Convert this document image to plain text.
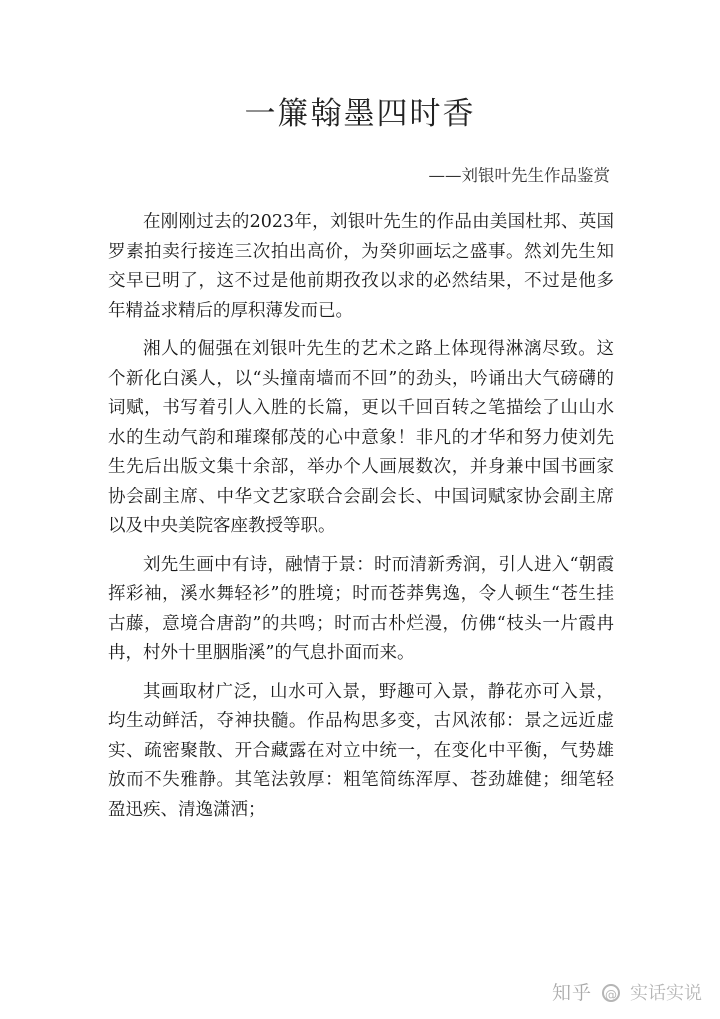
一簾翰墨四时香
——刘银叶先生作品鉴赏

在刚刚过去的2023年，刘银叶先生的作品由美国杜邦、英国罗素拍卖行接连三次拍出高价，为癸卯画坛之盛事。然刘先生知交早已明了，这不过是他前期孜孜以求的必然结果，不过是他多年精益求精后的厚积薄发而已。

湘人的倔强在刘银叶先生的艺术之路上体现得淋漓尽致。这个新化白溪人，以“头撞南墙而不回”的劲头，吟诵出大气磅礴的词赋，书写着引人入胜的长篇，更以千回百转之笔描绘了山山水水的生动气韵和璀璨郁茂的心中意象！非凡的才华和努力使刘先生先后出版文集十余部，举办个人画展数次，并身兼中国书画家协会副主席、中华文艺家联合会副会长、中国词赋家协会副主席以及中央美院客座教授等职。

刘先生画中有诗，融情于景：时而清新秀润，引人进入“朝霞挥彩袖，溪水舞轻衫”的胜境；时而苍莽隽逸，令人顿生“苍生挂古藤，意境合唐韵”的共鸣；时而古朴烂漫，仿佛“枝头一片霞冉冉，村外十里胭脂溪”的气息扑面而来。

其画取材广泛，山水可入景，野趣可入景，静花亦可入景，均生动鲜活，夺神抉髓。作品构思多变，古风浓郁：景之远近虚实、疏密聚散、开合藏露在对立中统一，在变化中平衡，气势雄放而不失雅静。其笔法敦厚：粗笔简练浑厚、苍劲雄健；细笔轻盈迅疾、清逸潇洒；

知乎 @ 实话实说
